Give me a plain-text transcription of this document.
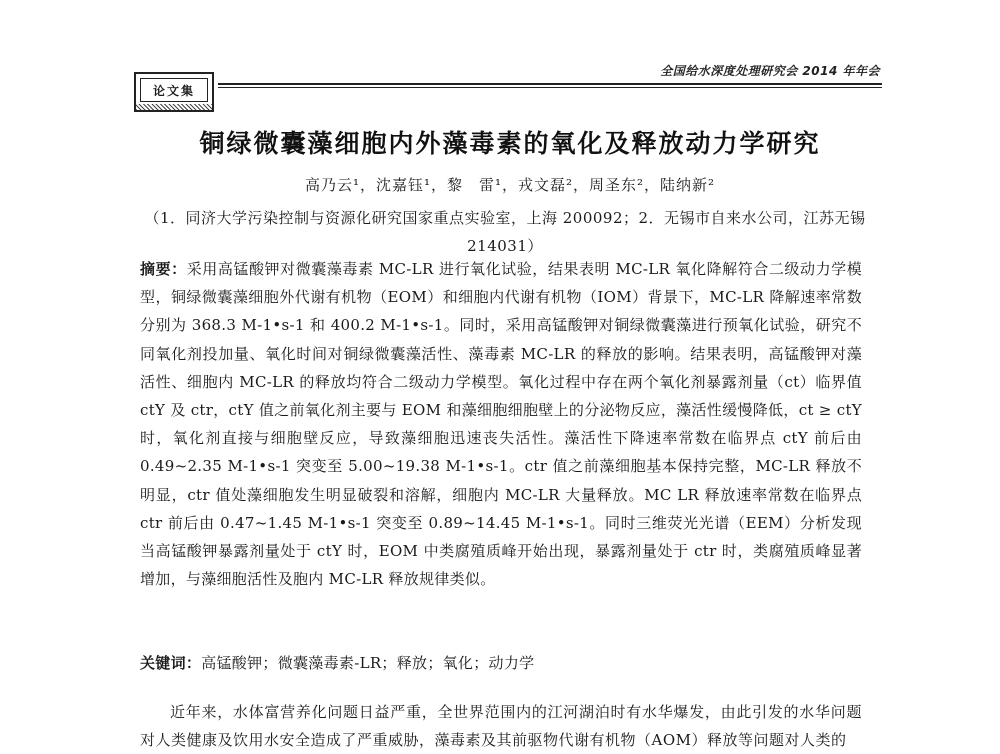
全国给水深度处理研究会 2014 年年会
论文集
铜绿微囊藻细胞内外藻毒素的氧化及释放动力学研究
高乃云¹，沈嘉钰¹，黎　雷¹，戎文磊²，周圣东²，陆纳新²
（1．同济大学污染控制与资源化研究国家重点实验室，上海 200092；2．无锡市自来水公司，江苏无锡 214031）
摘要：采用高锰酸钾对微囊藻毒素 MC-LR 进行氧化试验，结果表明 MC-LR 氧化降解符合二级动力学模型，铜绿微囊藻细胞外代谢有机物（EOM）和细胞内代谢有机物（IOM）背景下，MC-LR 降解速率常数分别为 368.3 M-1•s-1 和 400.2 M-1•s-1。同时，采用高锰酸钾对铜绿微囊藻进行预氧化试验，研究不同氧化剂投加量、氧化时间对铜绿微囊藻活性、藻毒素 MC-LR 的释放的影响。结果表明，高锰酸钾对藻活性、细胞内 MC-LR 的释放均符合二级动力学模型。氧化过程中存在两个氧化剂暴露剂量（ct）临界值 ctY 及 ctr，ctY 值之前氧化剂主要与 EOM 和藻细胞细胞壁上的分泌物反应，藻活性缓慢降低，ct ≥ ctY 时，氧化剂直接与细胞壁反应，导致藻细胞迅速丧失活性。藻活性下降速率常数在临界点 ctY 前后由 0.49~2.35 M-1•s-1 突变至 5.00~19.38 M-1•s-1。ctr 值之前藻细胞基本保持完整，MC-LR 释放不明显，ctr 值处藻细胞发生明显破裂和溶解，细胞内 MC-LR 大量释放。MC LR 释放速率常数在临界点 ctr 前后由 0.47~1.45 M-1•s-1 突变至 0.89~14.45 M-1•s-1。同时三维荧光光谱（EEM）分析发现当高锰酸钾暴露剂量处于 ctY 时，EOM 中类腐殖质峰开始出现，暴露剂量处于 ctr 时，类腐殖质峰显著增加，与藻细胞活性及胞内 MC-LR 释放规律类似。
关键词：高锰酸钾；微囊藻毒素-LR；释放；氧化；动力学
近年来，水体富营养化问题日益严重，全世界范围内的江河湖泊时有水华爆发，由此引发的水华问题对人类健康及饮用水安全造成了严重威胁，藻毒素及其前驱物代谢有机物（AOM）释放等问题对人类的
